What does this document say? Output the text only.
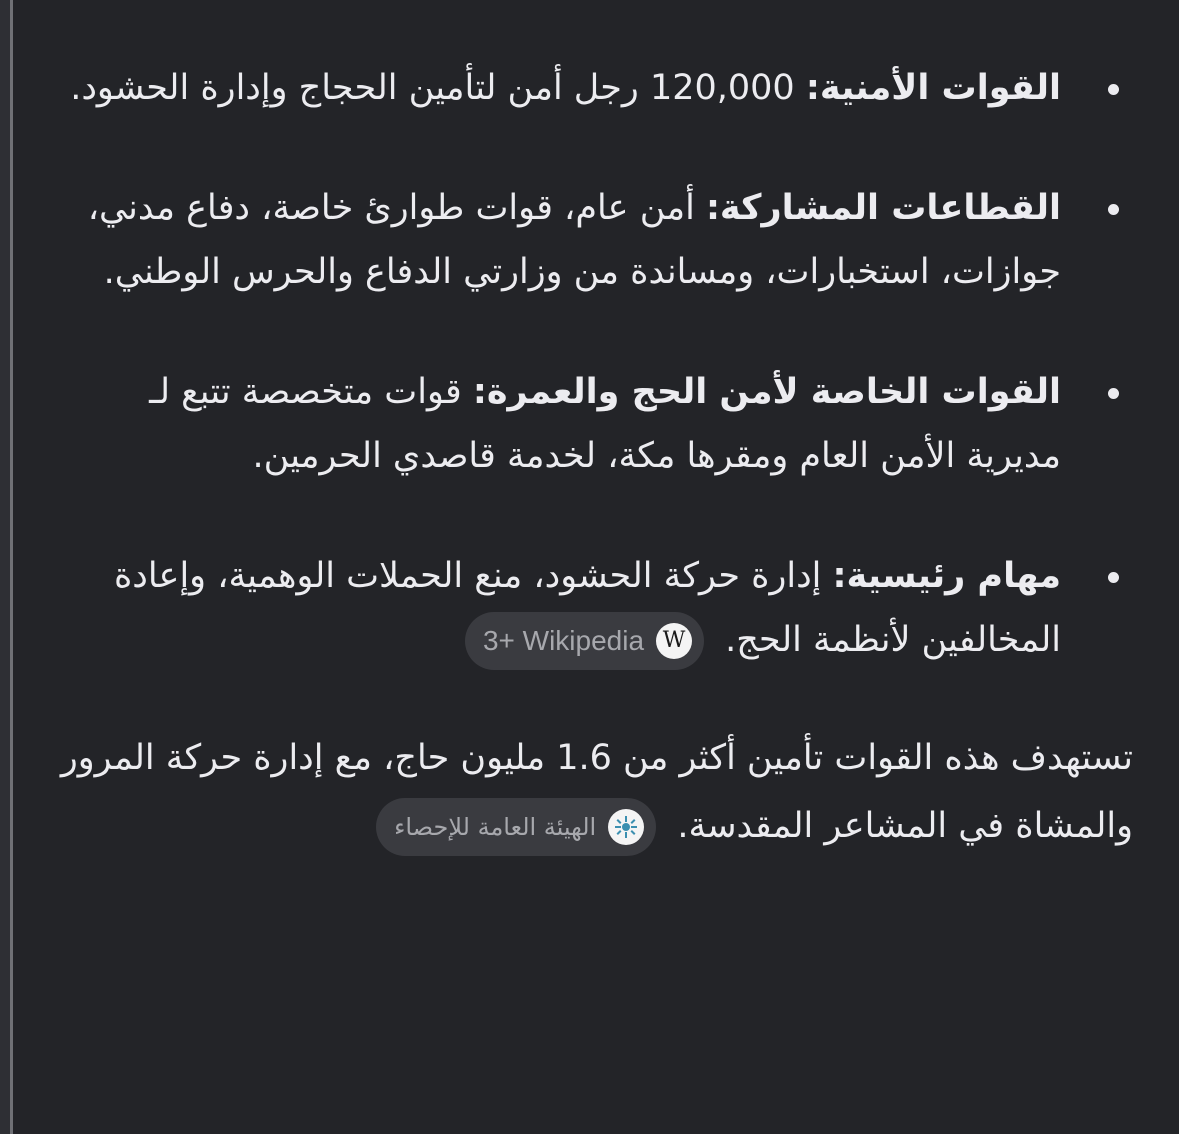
القوات الأمنية: 120,000 رجل أمن لتأمين الحجاج وإدارة الحشود.
القطاعات المشاركة: أمن عام، قوات طوارئ خاصة، دفاع مدني، جوازات، استخبارات، ومساندة من وزارتي الدفاع والحرس الوطني.
القوات الخاصة لأمن الحج والعمرة: قوات متخصصة تتبع لـ مديرية الأمن العام ومقرها مكة، لخدمة قاصدي الحرمين.
مهام رئيسية: إدارة حركة الحشود، منع الحملات الوهمية، وإعادة المخالفين لأنظمة الحج.
W
3+ Wikipedia
تستهدف هذه القوات تأمين أكثر من 1.6 مليون حاج، مع إدارة حركة المرور والمشاة في المشاعر المقدسة.
الهيئة العامة للإحصاء
